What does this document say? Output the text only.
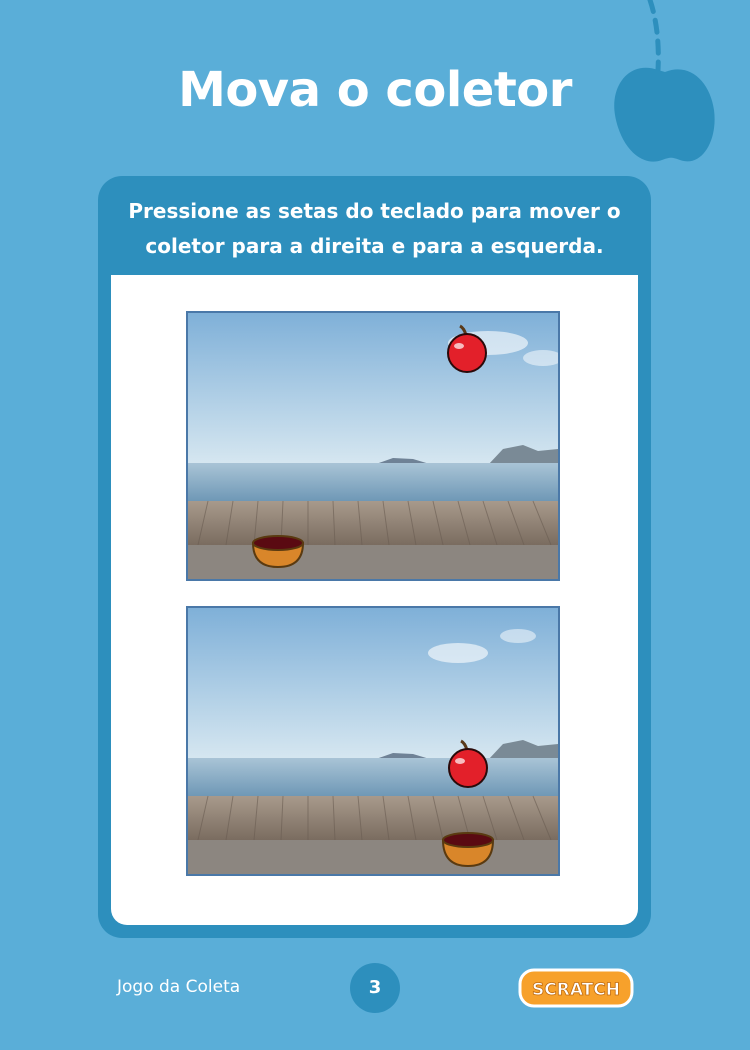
Mova o coletor
Pressione as setas do teclado para mover o
coletor para a direita e para a esquerda.
Jogo da Coleta	3	SCRATCH
